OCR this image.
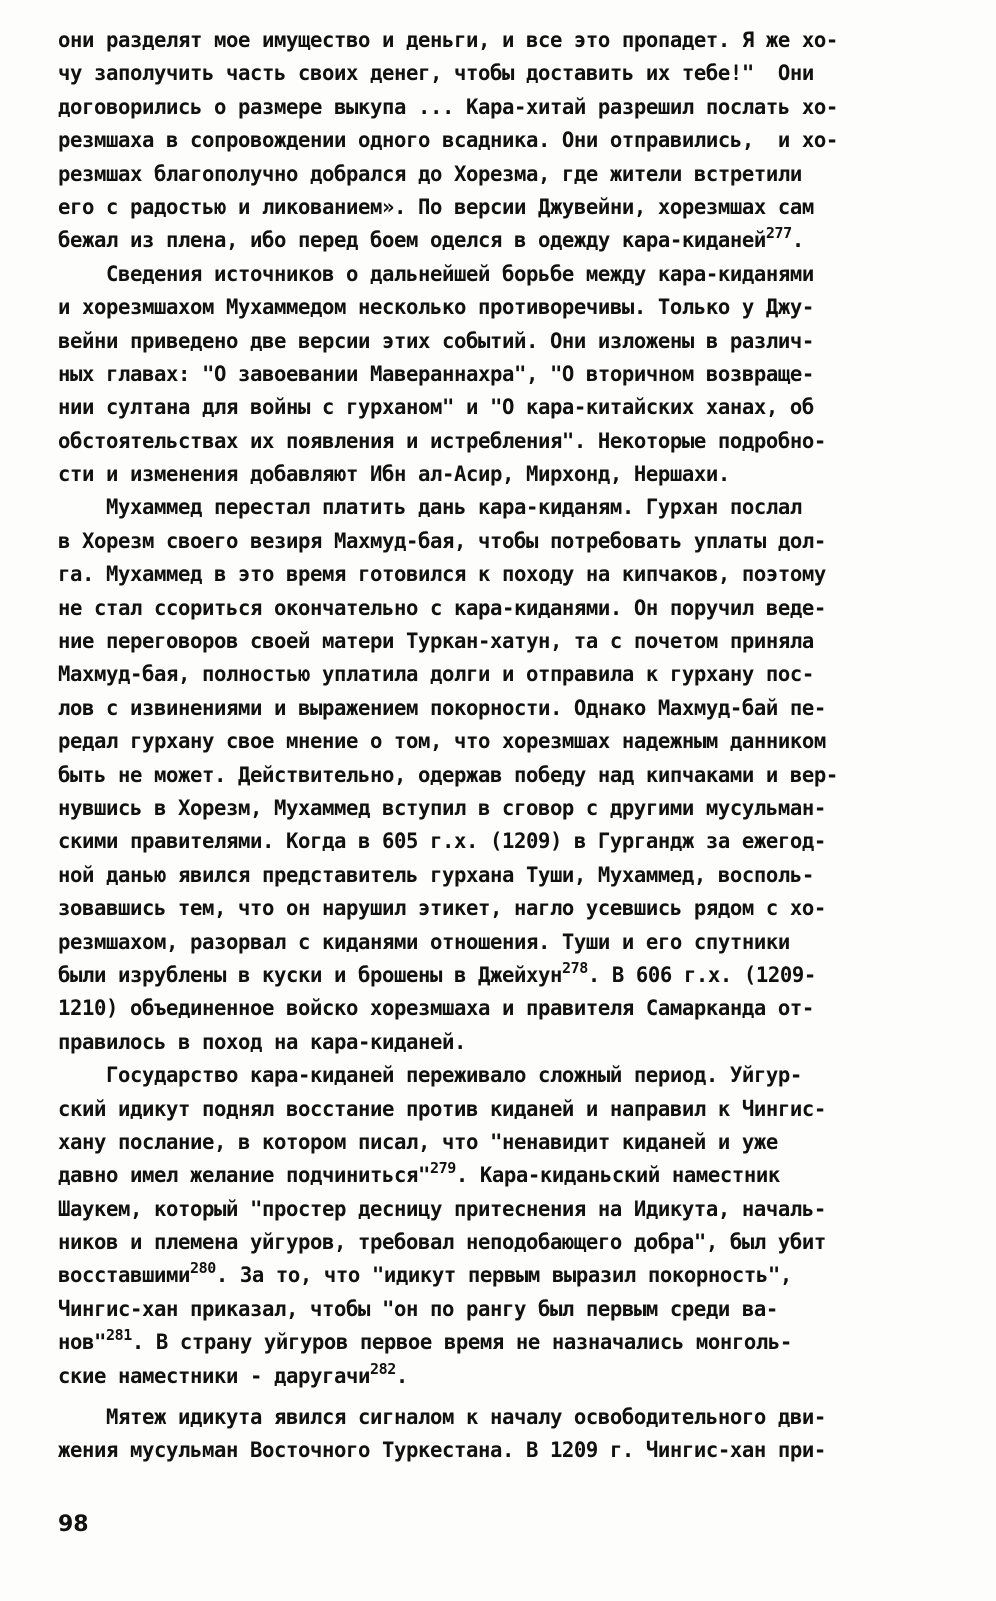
они разделят мое имущество и деньги, и все это пропадет. Я же хо-
чу заполучить часть своих денег, чтобы доставить их тебе!"  Они
договорились о размере выкупа ... Кара-хитай разрешил послать хо-
резмшаха в сопровождении одного всадника. Они отправились,  и хо-
резмшах благополучно добрался до Хорезма, где жители встретили
его с радостью и ликованием». По версии Джувейни, хорезмшах сам
бежал из плена, ибо перед боем оделся в одежду кара-киданей$^{277}$.
Сведения источников о дальнейшей борьбе между кара-киданями
и хорезмшахом Мухаммедом несколько противоречивы. Только у Джу-
вейни приведено две версии этих событий. Они изложены в различ-
ных главах: "О завоевании Мавераннахра", "О вторичном возвраще-
нии султана для войны с гурханом" и "О кара-китайских ханах, об
обстоятельствах их появления и истребления". Некоторые подробно-
сти и изменения добавляют Ибн ал-Асир, Мирхонд, Нершахи.
Мухаммед перестал платить дань кара-киданям. Гурхан послал
в Хорезм своего везиря Махмуд-бая, чтобы потребовать уплаты дол-
га. Мухаммед в это время готовился к походу на кипчаков, поэтому
не стал ссориться окончательно с кара-киданями. Он поручил веде-
ние переговоров своей матери Туркан-хатун, та с почетом приняла
Махмуд-бая, полностью уплатила долги и отправила к гурхану пос-
лов с извинениями и выражением покорности. Однако Махмуд-бай пе-
редал гурхану свое мнение о том, что хорезмшах надежным данником
быть не может. Действительно, одержав победу над кипчаками и вер-
нувшись в Хорезм, Мухаммед вступил в сговор с другими мусульман-
скими правителями. Когда в 605 г.х. (1209) в Гургандж за ежегод-
ной данью явился представитель гурхана Туши, Мухаммед, восполь-
зовавшись тем, что он нарушил этикет, нагло усевшись рядом с хо-
резмшахом, разорвал с киданями отношения. Туши и его спутники
были изрублены в куски и брошены в Джейхун$^{278}$. В 606 г.х. (1209-
1210) объединенное войско хорезмшаха и правителя Самарканда от-
правилось в поход на кара-киданей.
Государство кара-киданей переживало сложный период. Уйгур-
ский идикут поднял восстание против киданей и направил к Чингис-
хану послание, в котором писал, что "ненавидит киданей и уже
давно имел желание подчиниться"$^{279}$. Кара-киданьский наместник
Шаукем, который "простер десницу притеснения на Идикута, началь-
ников и племена уйгуров, требовал неподобающего добра", был убит
восставшими$^{280}$. За то, что "идикут первым выразил покорность",
Чингис-хан приказал, чтобы "он по рангу был первым среди ва-
нов"$^{281}$. В страну уйгуров первое время не назначались монголь-
ские наместники - даругачи$^{282}$.
Мятеж идикута явился сигналом к началу освободительного дви-
жения мусульман Восточного Туркестана. В 1209 г. Чингис-хан при-
98
